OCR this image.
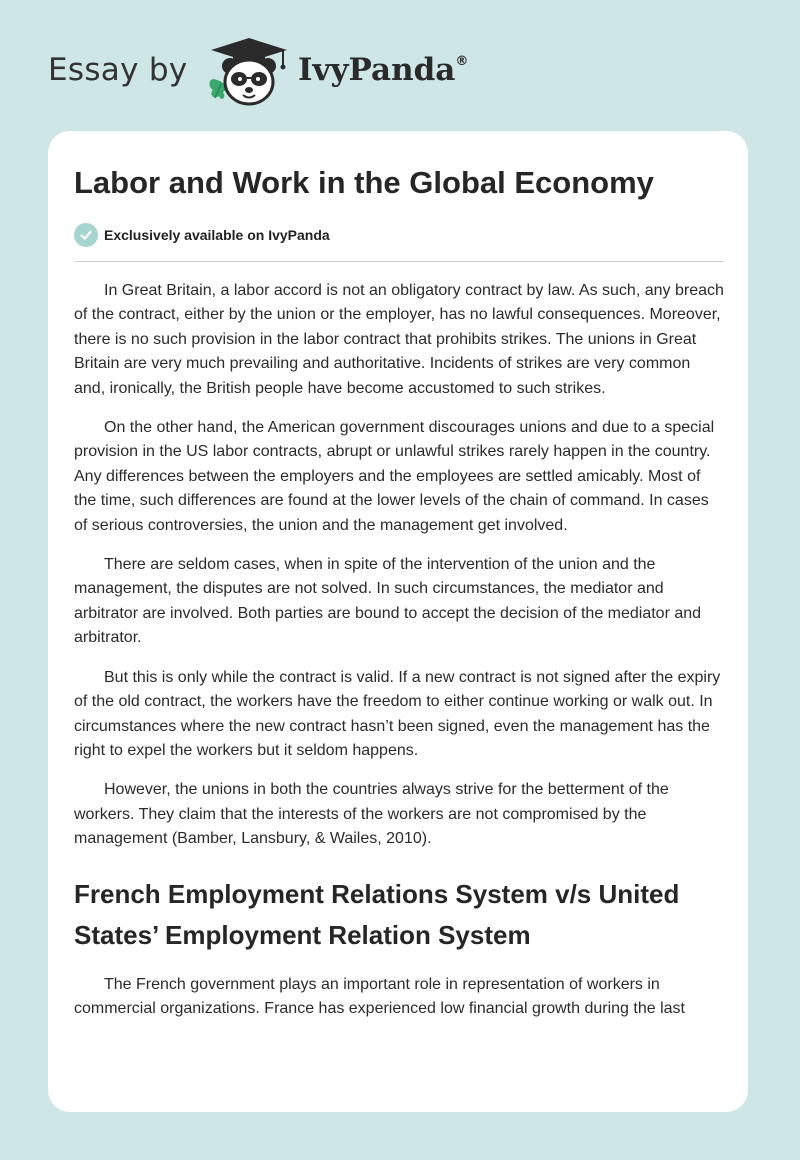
Essay by	IvyPanda®
Labor and Work in the Global Economy
Exclusively available on IvyPanda

In Great Britain, a labor accord is not an obligatory contract by law. As such, any breach of the contract, either by the union or the employer, has no lawful consequences. Moreover, there is no such provision in the labor contract that prohibits strikes. The unions in Great Britain are very much prevailing and authoritative. Incidents of strikes are very common and, ironically, the British people have become accustomed to such strikes.

On the other hand, the American government discourages unions and due to a special provision in the US labor contracts, abrupt or unlawful strikes rarely happen in the country. Any differences between the employers and the employees are settled amicably. Most of the time, such differences are found at the lower levels of the chain of command. In cases of serious controversies, the union and the management get involved.

There are seldom cases, when in spite of the intervention of the union and the management, the disputes are not solved. In such circumstances, the mediator and arbitrator are involved. Both parties are bound to accept the decision of the mediator and arbitrator.

But this is only while the contract is valid. If a new contract is not signed after the expiry of the old contract, the workers have the freedom to either continue working or walk out. In circumstances where the new contract hasn’t been signed, even the management has the right to expel the workers but it seldom happens.

However, the unions in both the countries always strive for the betterment of the workers. They claim that the interests of the workers are not compromised by the management (Bamber, Lansbury, & Wailes, 2010).

French Employment Relations System v/s United States’ Employment Relation System

The French government plays an important role in representation of workers in commercial organizations. France has experienced low financial growth during the last
